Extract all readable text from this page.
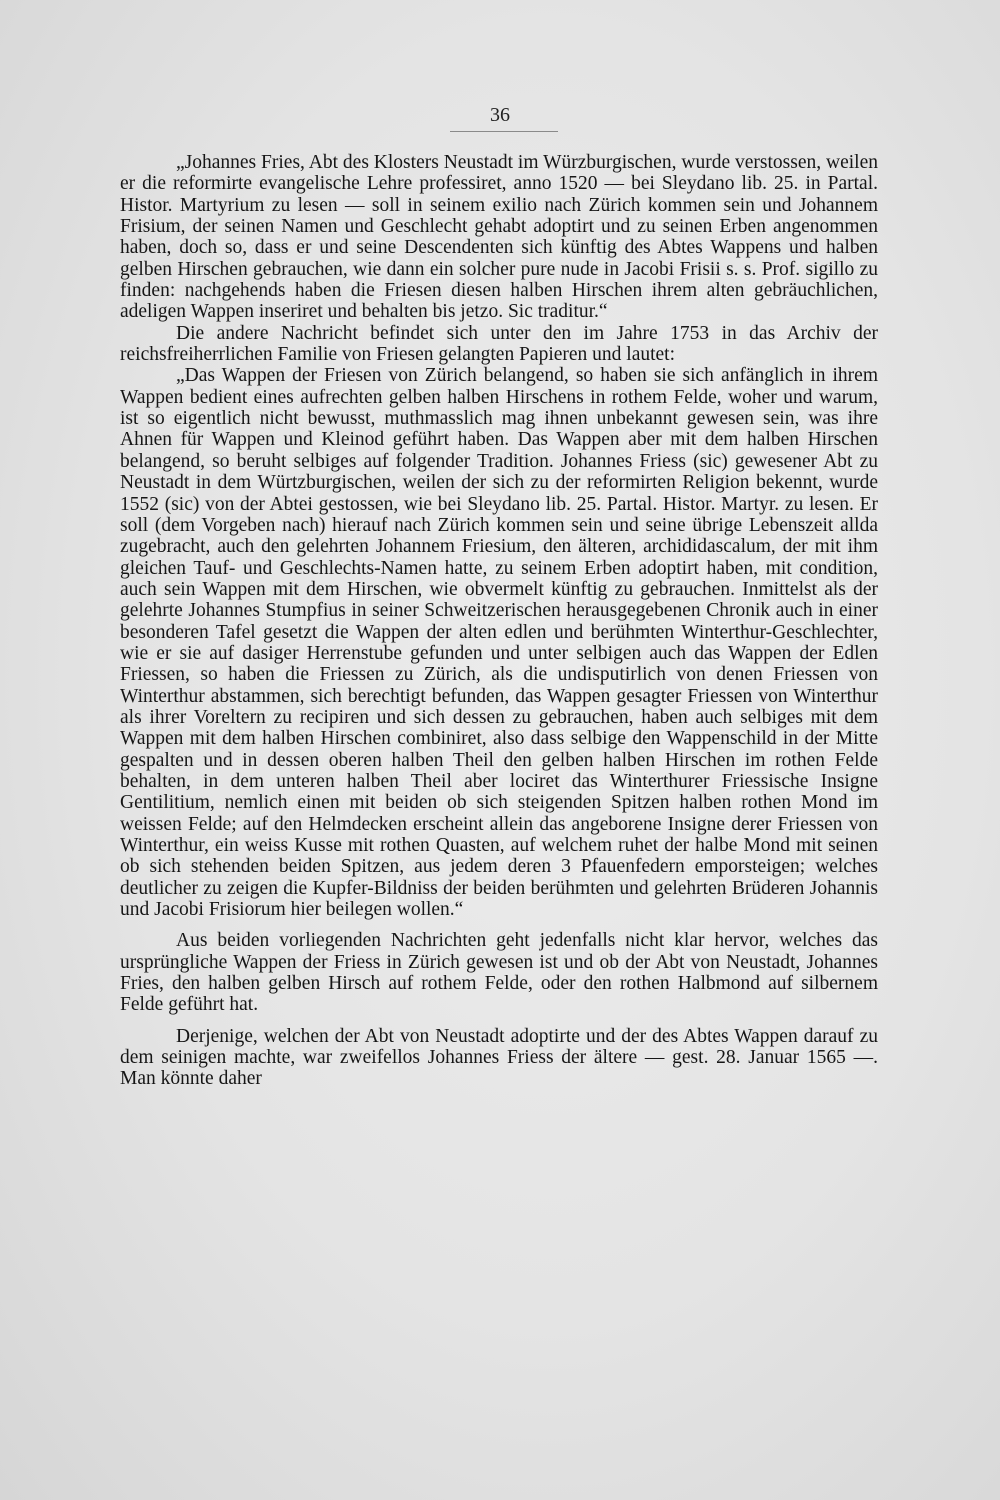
36

„Johannes Fries, Abt des Klosters Neustadt im Würzburgischen, wurde verstossen, weilen er die reformirte evangelische Lehre professiret, anno 1520 — bei Sleydano lib. 25. in Partal. Histor. Martyrium zu lesen — soll in seinem exilio nach Zürich kommen sein und Johannem Frisium, der seinen Namen und Geschlecht gehabt adoptirt und zu seinen Erben angenommen haben, doch so, dass er und seine Descendenten sich künftig des Abtes Wappens und halben gelben Hirschen gebrauchen, wie dann ein solcher pure nude in Jacobi Frisii s. s. Prof. sigillo zu finden: nachgehends haben die Friesen diesen halben Hirschen ihrem alten gebräuchlichen, adeligen Wappen inseriret und behalten bis jetzo. Sic traditur.“

Die andere Nachricht befindet sich unter den im Jahre 1753 in das Archiv der reichsfreiherrlichen Familie von Friesen gelangten Papieren und lautet:

„Das Wappen der Friesen von Zürich belangend, so haben sie sich anfänglich in ihrem Wappen bedient eines aufrechten gelben halben Hirschens in rothem Felde, woher und warum, ist so eigentlich nicht bewusst, muthmasslich mag ihnen unbekannt gewesen sein, was ihre Ahnen für Wappen und Kleinod geführt haben. Das Wappen aber mit dem halben Hirschen belangend, so beruht selbiges auf folgender Tradition. Johannes Friess (sic) gewesener Abt zu Neustadt in dem Würtzburgischen, weilen der sich zu der reformirten Religion bekennt, wurde 1552 (sic) von der Abtei gestossen, wie bei Sleydano lib. 25. Partal. Histor. Martyr. zu lesen. Er soll (dem Vorgeben nach) hierauf nach Zürich kommen sein und seine übrige Lebenszeit allda zugebracht, auch den gelehrten Johannem Friesium, den älteren, archididascalum, der mit ihm gleichen Tauf- und Geschlechts-Namen hatte, zu seinem Erben adoptirt haben, mit condition, auch sein Wappen mit dem Hirschen, wie obvermelt künftig zu gebrauchen. Inmittelst als der gelehrte Johannes Stumpfius in seiner Schweitzerischen herausgegebenen Chronik auch in einer besonderen Tafel gesetzt die Wappen der alten edlen und berühmten Winterthur-Geschlechter, wie er sie auf dasiger Herrenstube gefunden und unter selbigen auch das Wappen der Edlen Friessen, so haben die Friessen zu Zürich, als die undisputirlich von denen Friessen von Winterthur abstammen, sich berechtigt befunden, das Wappen gesagter Friessen von Winterthur als ihrer Voreltern zu recipiren und sich dessen zu gebrauchen, haben auch selbiges mit dem Wappen mit dem halben Hirschen combiniret, also dass selbige den Wappenschild in der Mitte gespalten und in dessen oberen halben Theil den gelben halben Hirschen im rothen Felde behalten, in dem unteren halben Theil aber lociret das Winterthurer Friessische Insigne Gentilitium, nemlich einen mit beiden ob sich steigenden Spitzen halben rothen Mond im weissen Felde; auf den Helmdecken erscheint allein das angeborene Insigne derer Friessen von Winterthur, ein weiss Kusse mit rothen Quasten, auf welchem ruhet der halbe Mond mit seinen ob sich stehenden beiden Spitzen, aus jedem deren 3 Pfauenfedern emporsteigen; welches deutlicher zu zeigen die Kupfer-Bildniss der beiden berühmten und gelehrten Brüderen Johannis und Jacobi Frisiorum hier beilegen wollen.“

Aus beiden vorliegenden Nachrichten geht jedenfalls nicht klar hervor, welches das ursprüngliche Wappen der Friess in Zürich gewesen ist und ob der Abt von Neustadt, Johannes Fries, den halben gelben Hirsch auf rothem Felde, oder den rothen Halbmond auf silbernem Felde geführt hat.

Derjenige, welchen der Abt von Neustadt adoptirte und der des Abtes Wappen darauf zu dem seinigen machte, war zweifellos Johannes Friess der ältere — gest. 28. Januar 1565 —. Man könnte daher
